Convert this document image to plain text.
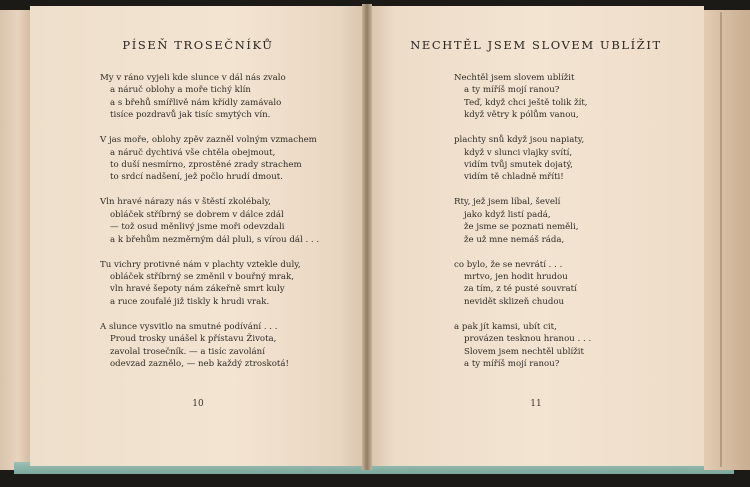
PÍSEŇ TROSEČNÍKŮ
My v ráno vyjeli kde slunce v dál nás zvalo
a náruč oblohy a moře tichý klín
a s břehů smířlivě nám křídly zamávalo
tisíce pozdravů jak tisíc smytých vín.
V jas moře, oblohy zpěv zazněl volným vzmachem
a náruč dychtivá vše chtěla obejmout,
to duší nesmírno, zprostěné zrady strachem
to srdcí nadšení, jež počlo hrudí dmout.
Vln hravé nárazy nás v štěstí zkolébaly,
obláček stříbrný se dobrem v dálce zdál
— tož osud měnlivý jsme moři odevzdali
a k břehům nezměrným dál pluli, s vírou dál . . .
Tu vichry protivné nám v plachty vztekle duly,
obláček stříbrný se změnil v bouřný mrak,
vln hravé šepoty nám zákeřně smrt kuly
a ruce zoufalé již tiskly k hrudi vrak.
A slunce vysvitlo na smutné podívání . . .
Proud trosky unášel k přístavu Života,
zavolal trosečník. — a tisíc zavolání
odevzad zaznělo, — neb každý ztroskotá!
10
NECHTĚL JSEM SLOVEM UBLÍŽIT
Nechtěl jsem slovem ublížit
a ty míříš mojí ranou?
Teď, když chci ještě tolik žít,
když větry k pólům vanou,
plachty snů když jsou napiaty,
když v slunci vlajky svítí,
vidím tvůj smutek dojatý,
vidím tě chladně mříti!
Rty, jež jsem líbal, ševelí
jako když listí padá,
že jsme se poznati neměli,
že už mne nemáš ráda,
co bylo, že se nevrátí . . .
mrtvo, jen hodit hrudou
za tím, z té pusté souvratí
nevidět sklizeň chudou
a pak jít kamsi, ubít cit,
provázen tesknou hranou . . .
Slovem jsem nechtěl ublížit
a ty míříš mojí ranou?
11
